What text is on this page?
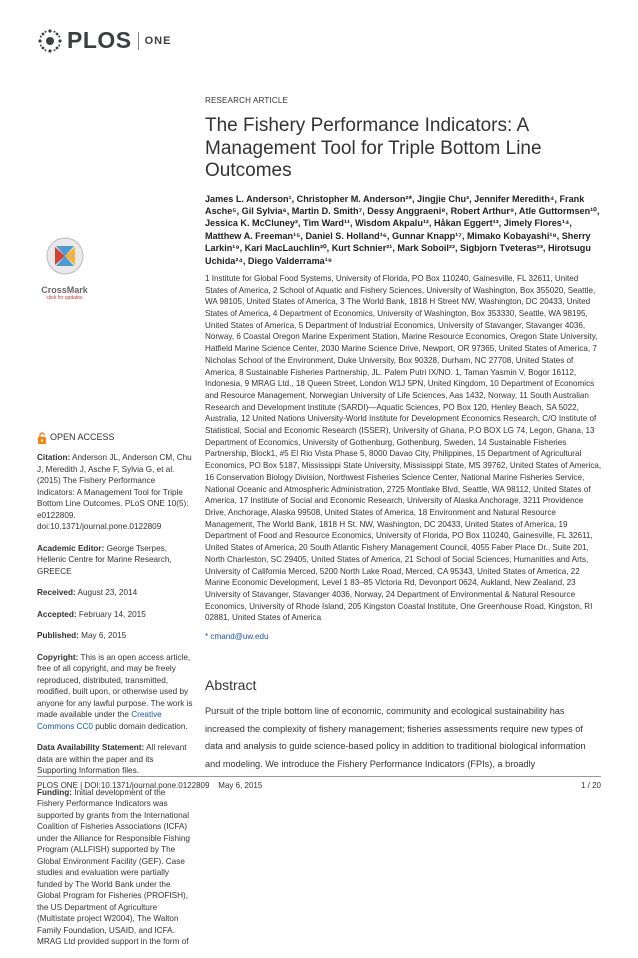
PLOS ONE
CrossMark
click for updates
OPEN ACCESS

Citation: Anderson JL, Anderson CM, Chu J, Meredith J, Asche F, Sylvia G, et al. (2015) The Fishery Performance Indicators: A Management Tool for Triple Bottom Line Outcomes. PLoS ONE 10(5): e0122809. doi:10.1371/journal.pone.0122809

Academic Editor: George Tserpes, Hellenic Centre for Marine Research, GREECE

Received: August 23, 2014

Accepted: February 14, 2015

Published: May 6, 2015

Copyright: This is an open access article, free of all copyright, and may be freely reproduced, distributed, transmitted, modified, built upon, or otherwise used by anyone for any lawful purpose. The work is made available under the Creative Commons CC0 public domain dedication.

Data Availability Statement: All relevant data are within the paper and its Supporting Information files.

Funding: Initial development of the Fishery Performance Indicators was supported by grants from the International Coalition of Fisheries Associations (ICFA) under the Alliance for Responsible Fishing Program (ALLFISH) supported by The Global Environment Facility (GEF). Case studies and evaluation were partially funded by The World Bank under the Global Program for Fisheries (PROFISH), the US Department of Agriculture (Multistate project W2004), The Walton Family Foundation, USAID, and ICFA. MRAG Ltd provided support in the form of

RESEARCH ARTICLE
The Fishery Performance Indicators: A Management Tool for Triple Bottom Line Outcomes
James L. Anderson¹, Christopher M. Anderson²*, Jingjie Chu³, Jennifer Meredith⁴, Frank Asche⁵, Gil Sylvia⁶, Martin D. Smith⁷, Dessy Anggraeni⁸, Robert Arthur⁹, Atle Guttormsen¹⁰, Jessica K. McCluney², Tim Ward¹¹, Wisdom Akpalu¹², Håkan Eggert¹³, Jimely Flores¹⁴, Matthew A. Freeman¹⁵, Daniel S. Holland¹⁶, Gunnar Knapp¹⁷, Mimako Kobayashi¹⁸, Sherry Larkin¹⁹, Kari MacLauchlin²⁰, Kurt Schnier²¹, Mark Soboil²², Sigbjorn Tveteras²³, Hirotsugu Uchida²⁴, Diego Valderrama¹⁹
1 Institute for Global Food Systems, University of Florida, PO Box 110240, Gainesville, FL 32611, United States of America, 2 School of Aquatic and Fishery Sciences, University of Washington, Box 355020, Seattle, WA 98105, United States of America, 3 The World Bank, 1818 H Street NW, Washington, DC 20433, United States of America, 4 Department of Economics, University of Washington, Box 353330, Seattle, WA 98195, United States of America, 5 Department of Industrial Economics, University of Stavanger, Stavanger 4036, Norway, 6 Coastal Oregon Marine Experiment Station, Marine Resource Economics, Oregon State University, Hatfield Marine Science Center, 2030 Marine Science Drive, Newport, OR 97365, United States of America, 7 Nicholas School of the Environment, Duke University, Box 90328, Durham, NC 27708, United States of America, 8 Sustainable Fisheries Partnership, JL. Palem Putri IX/NO. 1, Taman Yasmin V, Bogor 16112, Indonesia, 9 MRAG Ltd., 18 Queen Street, London W1J 5PN, United Kingdom, 10 Department of Economics and Resource Management, Norwegian University of Life Sciences, Aas 1432, Norway, 11 South Australian Research and Development Institute (SARDI)—Aquatic Sciences, PO Box 120, Henley Beach, SA 5022, Australia, 12 United Nations University-World Institute for Development Economics Research, C/O Institute of Statistical, Social and Economic Research (ISSER), University of Ghana, P.O BOX LG 74, Legon, Ghana, 13 Department of Economics, University of Gothenburg, Gothenburg, Sweden, 14 Sustainable Fisheries Partnership, Block1, #5 El Rio Vista Phase 5, 8000 Davao City, Philippines, 15 Department of Agricultural Economics, PO Box 5187, Mississippi State University, Mississippi State, MS 39762, United States of America, 16 Conservation Biology Division, Northwest Fisheries Science Center, National Marine Fisheries Service, National Oceanic and Atmospheric Administration, 2725 Montlake Blvd, Seattle, WA 98112, United States of America, 17 Institute of Social and Economic Research, University of Alaska Anchorage, 3211 Providence Drive, Anchorage, Alaska 99508, United States of America, 18 Environment and Natural Resource Management, The World Bank, 1818 H St. NW, Washington, DC 20433, United States of America, 19 Department of Food and Resource Economics, University of Florida, PO Box 110240, Gainesville, FL 32611, United States of America, 20 South Atlantic Fishery Management Council, 4055 Faber Place Dr., Suite 201, North Charleston, SC 29405, United States of America, 21 School of Social Sciences, Humanities and Arts, University of California Merced, 5200 North Lake Road, Merced, CA 95343, United States of America, 22 Marine Economic Development, Level 1 83–85 Victoria Rd, Devonport 0624, Aukland, New Zealand, 23 University of Stavanger, Stavanger 4036, Norway, 24 Department of Environmental & Natural Resource Economics, University of Rhode Island, 205 Kingston Coastal Institute, One Greenhouse Road, Kingston, RI 02881, United States of America
* cmand@uw.edu
Abstract
Pursuit of the triple bottom line of economic, community and ecological sustainability has increased the complexity of fishery management; fisheries assessments require new types of data and analysis to guide science-based policy in addition to traditional biological information and modeling. We introduce the Fishery Performance Indicators (FPIs), a broadly
PLOS ONE | DOI:10.1371/journal.pone.0122809    May 6, 2015	1 / 20
